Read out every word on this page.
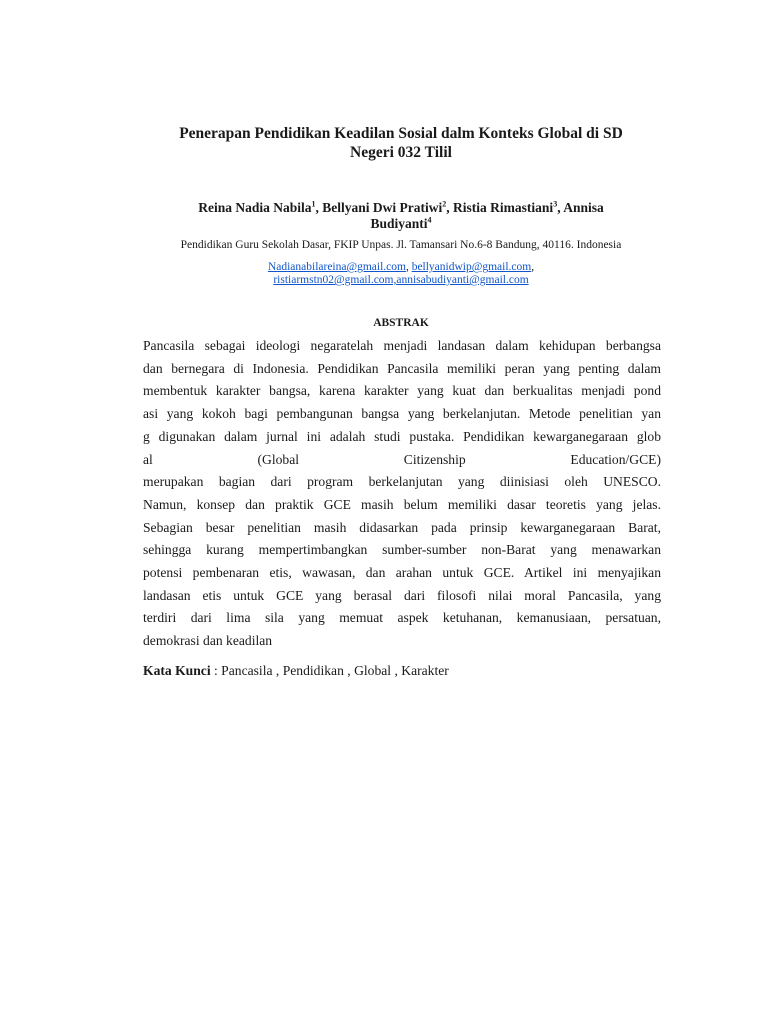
Penerapan Pendidikan Keadilan Sosial dalm Konteks Global di SD
Negeri 032 Tilil
Reina Nadia Nabila$^1$, Bellyani Dwi Pratiwi$^2$, Ristia Rimastiani$^3$, Annisa
Budiyanti$^4$
Pendidikan Guru Sekolah Dasar, FKIP Unpas. Jl. Tamansari No.6-8 Bandung, 40116. Indonesia
Nadianabilareina@gmail.com, bellyanidwip@gmail.com,
ristiarmstn02@gmail.com,annisabudiyanti@gmail.com
ABSTRAK
Pancasila sebagai ideologi negaratelah menjadi landasan dalam kehidupan berbangsa
dan bernegara di Indonesia. Pendidikan Pancasila memiliki peran yang penting dalam
membentuk karakter bangsa, karena karakter yang kuat dan berkualitas menjadi pond
asi yang kokoh bagi pembangunan bangsa yang berkelanjutan. Metode penelitian yan
g digunakan dalam jurnal ini adalah studi pustaka. Pendidikan kewarganegaraan glob
al	(Global	Citizenship	Education/GCE)
merupakan bagian dari program berkelanjutan yang diinisiasi oleh UNESCO.
Namun, konsep dan praktik GCE masih belum memiliki dasar teoretis yang jelas.
Sebagian besar penelitian masih didasarkan pada prinsip kewarganegaraan Barat,
sehingga kurang mempertimbangkan sumber-sumber non-Barat yang menawarkan
potensi pembenaran etis, wawasan, dan arahan untuk GCE. Artikel ini menyajikan
landasan etis untuk GCE yang berasal dari filosofi nilai moral Pancasila, yang
terdiri dari lima sila yang memuat aspek ketuhanan, kemanusiaan, persatuan,
demokrasi dan keadilan
Kata Kunci : Pancasila , Pendidikan , Global , Karakter
